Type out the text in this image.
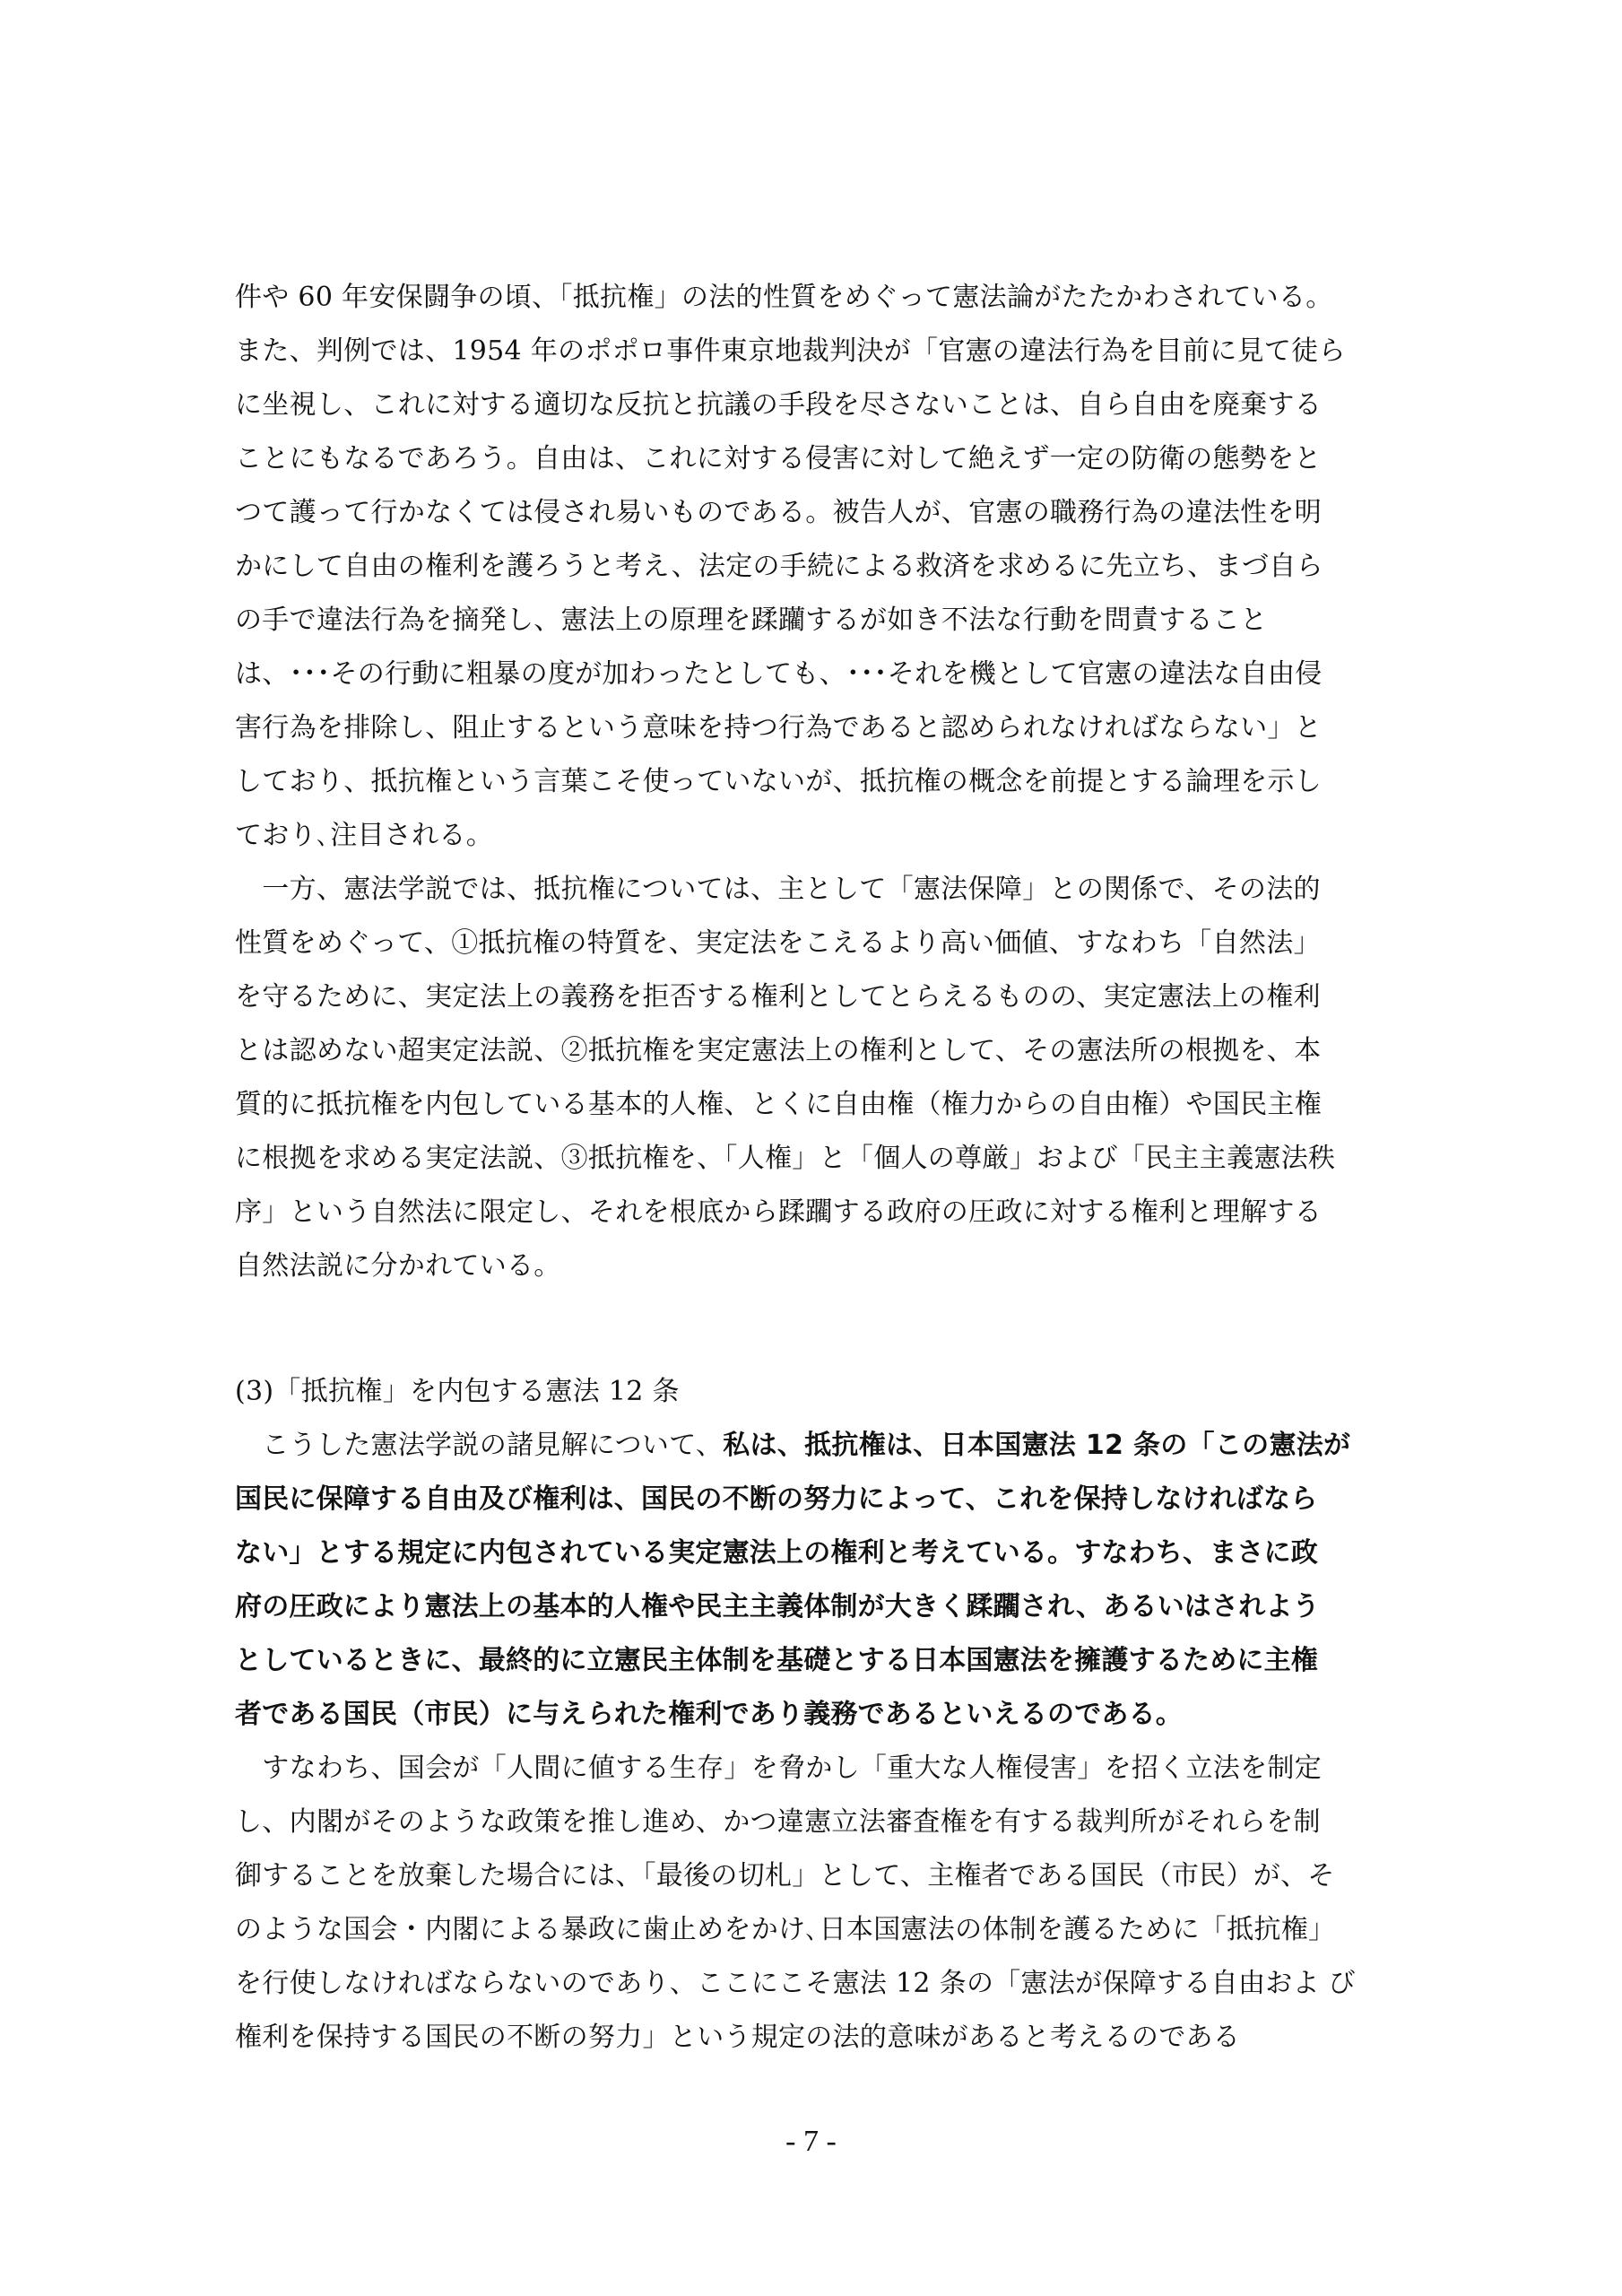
件や 60 年安保闘争の頃、「抵抗権」の法的性質をめぐって憲法論がたたかわされている。
また、判例では、1954 年のポポロ事件東京地裁判決が「官憲の違法行為を目前に見て徒ら
に坐視し、これに対する適切な反抗と抗議の手段を尽さないことは、自ら自由を廃棄する
ことにもなるであろう。自由は、これに対する侵害に対して絶えず一定の防衛の態勢をと
つて護って行かなくては侵され易いものである。被告人が、官憲の職務行為の違法性を明
かにして自由の権利を護ろうと考え、法定の手続による救済を求めるに先立ち、まづ自ら
の手で違法行為を摘発し、憲法上の原理を蹂躪するが如き不法な行動を問責すること
は、･･･その行動に粗暴の度が加わったとしても、･･･それを機として官憲の違法な自由侵
害行為を排除し、阻止するという意味を持つ行為であると認められなければならない」と
しており、抵抗権という言葉こそ使っていないが、抵抗権の概念を前提とする論理を示し
ており､注目される。
　一方、憲法学説では、抵抗権については、主として「憲法保障」との関係で、その法的
性質をめぐって、①抵抗権の特質を、実定法をこえるより高い価値、すなわち「自然法」
を守るために、実定法上の義務を拒否する権利としてとらえるものの、実定憲法上の権利
とは認めない超実定法説、②抵抗権を実定憲法上の権利として、その憲法所の根拠を、本
質的に抵抗権を内包している基本的人権、とくに自由権（権力からの自由権）や国民主権
に根拠を求める実定法説、③抵抗権を、「人権」と「個人の尊厳」および「民主主義憲法秩
序」という自然法に限定し、それを根底から蹂躙する政府の圧政に対する権利と理解する
自然法説に分かれている。
(3)「抵抗権」を内包する憲法 12 条
　こうした憲法学説の諸見解について、私は、抵抗権は、日本国憲法 12 条の「この憲法が
国民に保障する自由及び権利は、国民の不断の努力によって、これを保持しなければなら
ない」とする規定に内包されている実定憲法上の権利と考えている。すなわち、まさに政
府の圧政により憲法上の基本的人権や民主主義体制が大きく蹂躙され、あるいはされよう
としているときに、最終的に立憲民主体制を基礎とする日本国憲法を擁護するために主権
者である国民（市民）に与えられた権利であり義務であるといえるのである。
　すなわち、国会が「人間に値する生存」を脅かし「重大な人権侵害」を招く立法を制定
し、内閣がそのような政策を推し進め、かつ違憲立法審査権を有する裁判所がそれらを制
御することを放棄した場合には、「最後の切札」として、主権者である国民（市民）が、そ
のような国会・内閣による暴政に歯止めをかけ､日本国憲法の体制を護るために「抵抗権」
を行使しなければならないのであり、ここにこそ憲法 12 条の「憲法が保障する自由およ び
権利を保持する国民の不断の努力」という規定の法的意味があると考えるのである
- 7 -
